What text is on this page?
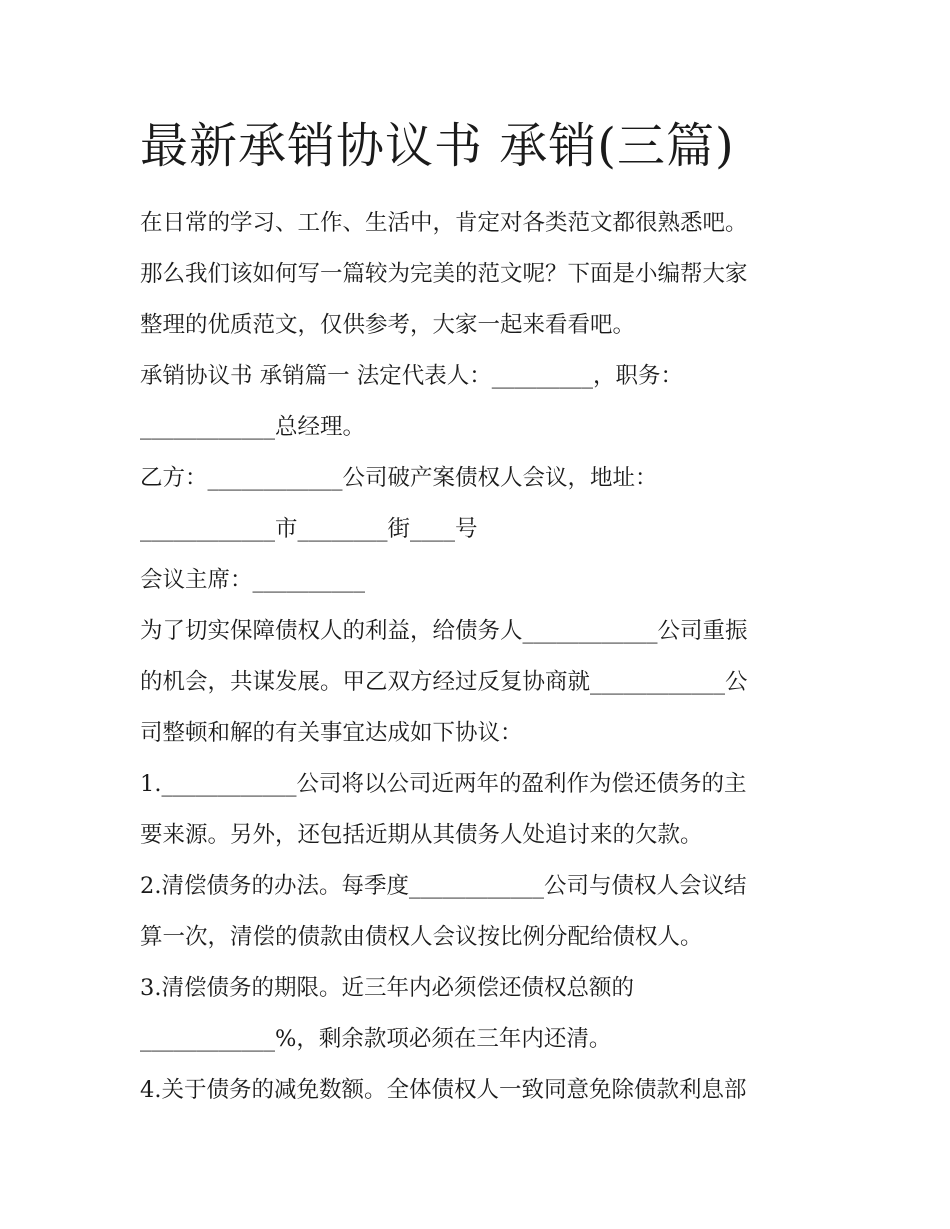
最新承销协议书 承销(三篇)
在日常的学习、工作、生活中，肯定对各类范文都很熟悉吧。
那么我们该如何写一篇较为完美的范文呢？下面是小编帮大家
整理的优质范文，仅供参考，大家一起来看看吧。
承销协议书 承销篇一 法定代表人：_________，职务：
____________总经理。
乙方：____________公司破产案债权人会议，地址：
____________市________街____号
会议主席：__________
为了切实保障债权人的利益，给债务人____________公司重振
的机会，共谋发展。甲乙双方经过反复协商就____________公
司整顿和解的有关事宜达成如下协议：
1.____________公司将以公司近两年的盈利作为偿还债务的主
要来源。另外，还包括近期从其债务人处追讨来的欠款。
2.清偿债务的办法。每季度____________公司与债权人会议结
算一次，清偿的债款由债权人会议按比例分配给债权人。
3.清偿债务的期限。近三年内必须偿还债权总额的
____________%，剩余款项必须在三年内还清。
4.关于债务的减免数额。全体债权人一致同意免除债款利息部
